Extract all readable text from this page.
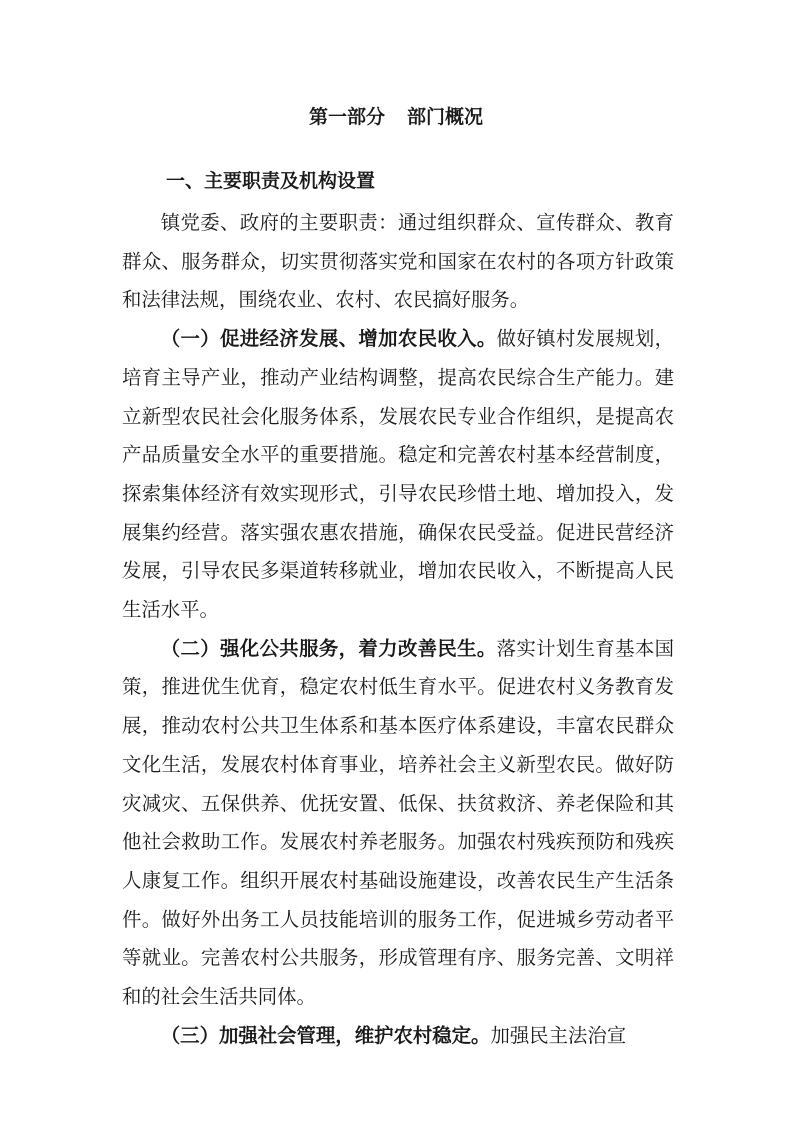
第一部分 部门概况
一、主要职责及机构设置

镇党委、政府的主要职责：通过组织群众、宣传群众、教育群众、服务群众，切实贯彻落实党和国家在农村的各项方针政策和法律法规，围绕农业、农村、农民搞好服务。

（一）促进经济发展、增加农民收入。做好镇村发展规划，培育主导产业，推动产业结构调整，提高农民综合生产能力。建立新型农民社会化服务体系，发展农民专业合作组织，是提高农产品质量安全水平的重要措施。稳定和完善农村基本经营制度，探索集体经济有效实现形式，引导农民珍惜土地、增加投入，发展集约经营。落实强农惠农措施，确保农民受益。促进民营经济发展，引导农民多渠道转移就业，增加农民收入，不断提高人民生活水平。

（二）强化公共服务，着力改善民生。落实计划生育基本国策，推进优生优育，稳定农村低生育水平。促进农村义务教育发展，推动农村公共卫生体系和基本医疗体系建设，丰富农民群众文化生活，发展农村体育事业，培养社会主义新型农民。做好防灾减灾、五保供养、优抚安置、低保、扶贫救济、养老保险和其他社会救助工作。发展农村养老服务。加强农村残疾预防和残疾人康复工作。组织开展农村基础设施建设，改善农民生产生活条件。做好外出务工人员技能培训的服务工作，促进城乡劳动者平等就业。完善农村公共服务，形成管理有序、服务完善、文明祥和的社会生活共同体。

（三）加强社会管理，维护农村稳定。加强民主法治宣
